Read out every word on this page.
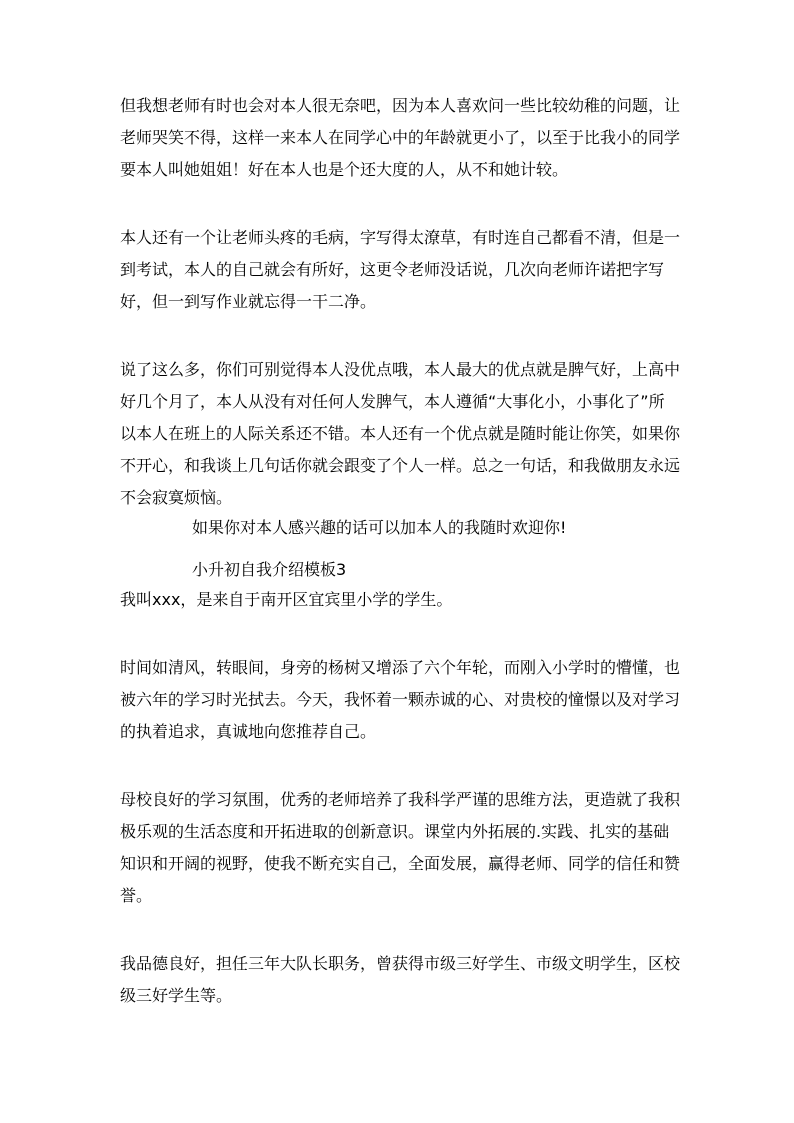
但我想老师有时也会对本人很无奈吧，因为本人喜欢问一些比较幼稚的问题，让老师哭笑不得，这样一来本人在同学心中的年龄就更小了，以至于比我小的同学要本人叫她姐姐！好在本人也是个还大度的人，从不和她计较。

本人还有一个让老师头疼的毛病，字写得太潦草，有时连自己都看不清，但是一到考试，本人的自己就会有所好，这更令老师没话说，几次向老师许诺把字写好，但一到写作业就忘得一干二净。

说了这么多，你们可别觉得本人没优点哦，本人最大的优点就是脾气好，上高中好几个月了，本人从没有对任何人发脾气，本人遵循“大事化小，小事化了”所以本人在班上的人际关系还不错。本人还有一个优点就是随时能让你笑，如果你不开心，和我谈上几句话你就会跟变了个人一样。总之一句话，和我做朋友永远不会寂寞烦恼。

如果你对本人感兴趣的话可以加本人的我随时欢迎你!

小升初自我介绍模板3

我叫xxx，是来自于南开区宜宾里小学的学生。

时间如清风，转眼间，身旁的杨树又增添了六个年轮，而刚入小学时的懵懂，也被六年的学习时光拭去。今天，我怀着一颗赤诚的心、对贵校的憧憬以及对学习的执着追求，真诚地向您推荐自己。

母校良好的学习氛围，优秀的老师培养了我科学严谨的思维方法，更造就了我积极乐观的生活态度和开拓进取的创新意识。课堂内外拓展的.实践、扎实的基础知识和开阔的视野，使我不断充实自己，全面发展，赢得老师、同学的信任和赞誉。

我品德良好，担任三年大队长职务，曾获得市级三好学生、市级文明学生，区校级三好学生等。
